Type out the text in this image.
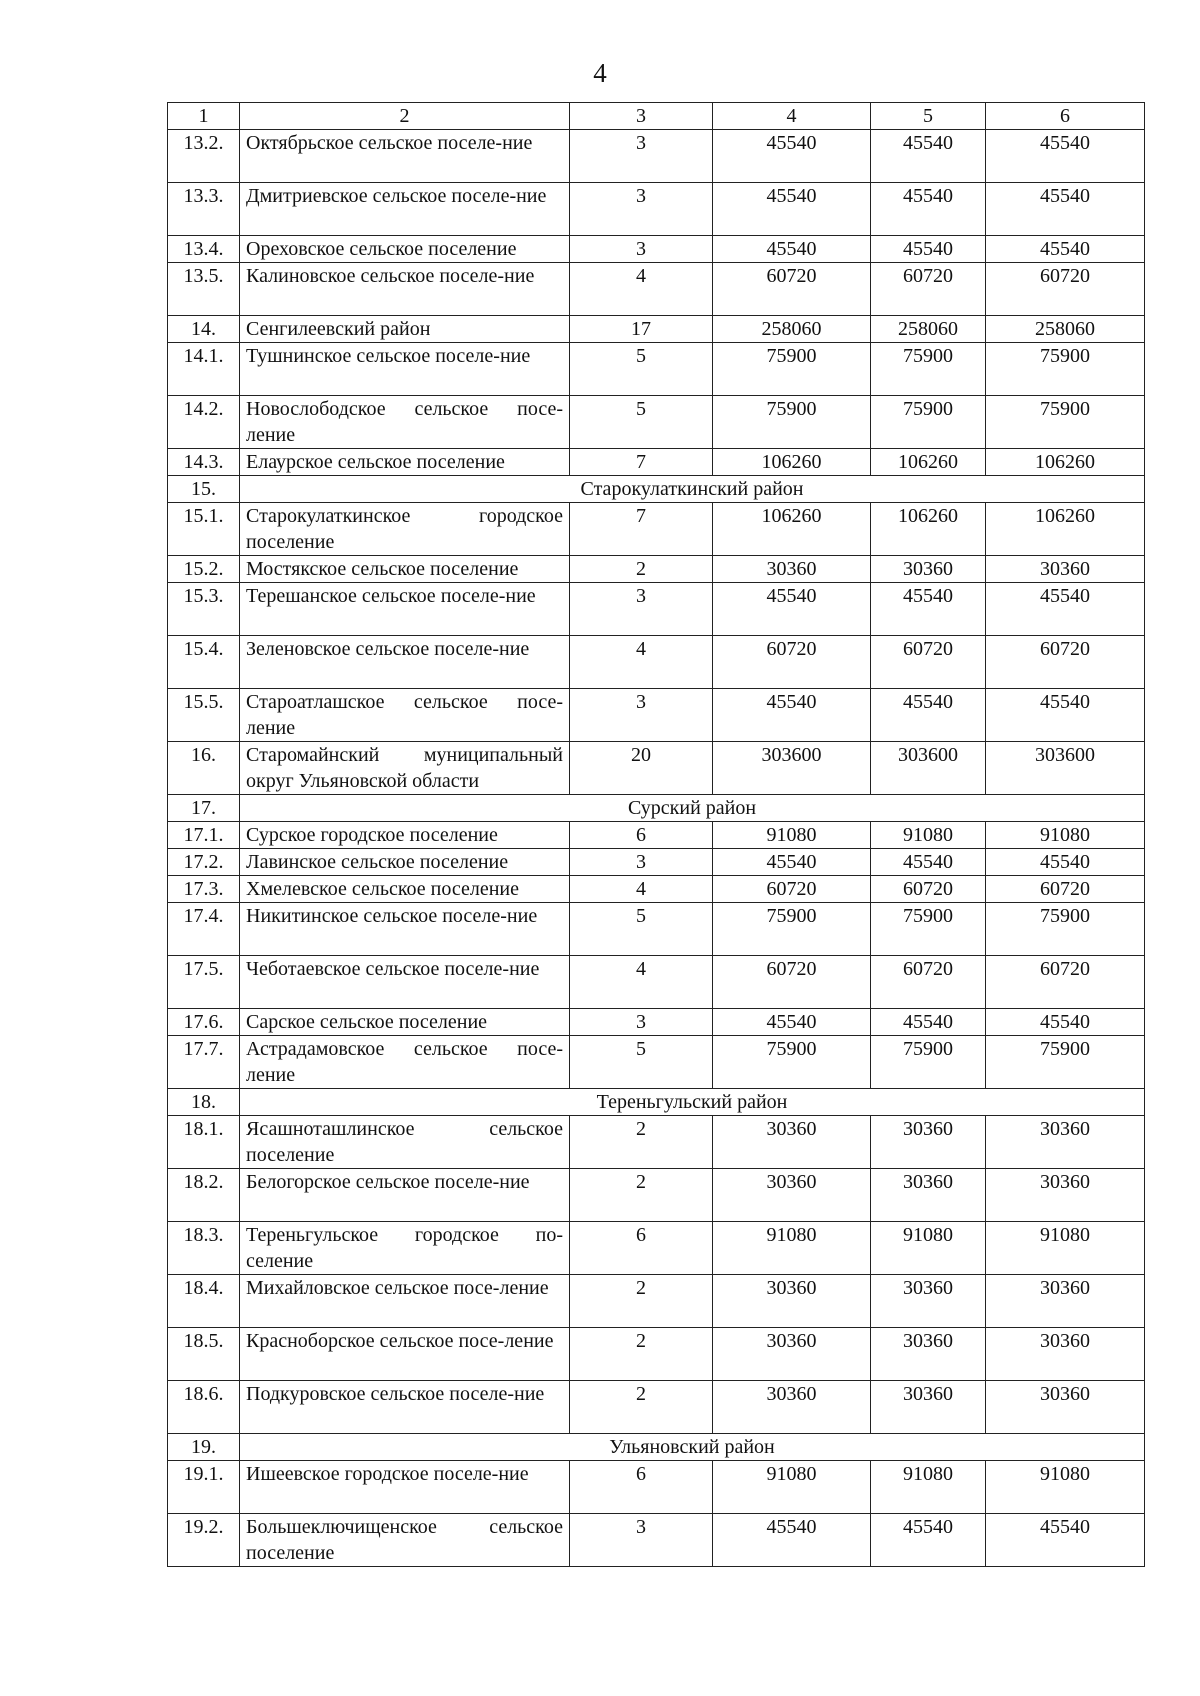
4
1	2	3	4	5	6
13.2.	Октябрьское сельское поселе-ние	3	45540	45540	45540
13.3.	Дмитриевское сельское поселе-ние	3	45540	45540	45540
13.4.	Ореховское сельское поселение	3	45540	45540	45540
13.5.	Калиновское сельское поселе-ние	4	60720	60720	60720
14.	Сенгилеевский район	17	258060	258060	258060
14.1.	Тушнинское сельское поселе-ние	5	75900	75900	75900
14.2.	Новослободское сельское посе-ление	5	75900	75900	75900
14.3.	Елаурское сельское поселение	7	106260	106260	106260
15.	Старокулаткинский район				
15.1.	Старокулаткинское городское поселение	7	106260	106260	106260
15.2.	Мостякское сельское поселение	2	30360	30360	30360
15.3.	Терешанское сельское поселе-ние	3	45540	45540	45540
15.4.	Зеленовское сельское поселе-ние	4	60720	60720	60720
15.5.	Староатлашское сельское посе-ление	3	45540	45540	45540
16.	Старомайнский муниципальный округ Ульяновской области	20	303600	303600	303600
17.	Сурский район				
17.1.	Сурское городское поселение	6	91080	91080	91080
17.2.	Лавинское сельское поселение	3	45540	45540	45540
17.3.	Хмелевское сельское поселение	4	60720	60720	60720
17.4.	Никитинское сельское поселе-ние	5	75900	75900	75900
17.5.	Чеботаевское сельское поселе-ние	4	60720	60720	60720
17.6.	Сарское сельское поселение	3	45540	45540	45540
17.7.	Астрадамовское сельское посе-ление	5	75900	75900	75900
18.	Тереньгульский район				
18.1.	Ясашноташлинское сельское поселение	2	30360	30360	30360
18.2.	Белогорское сельское поселе-ние	2	30360	30360	30360
18.3.	Тереньгульское городское по-селение	6	91080	91080	91080
18.4.	Михайловское сельское посе-ление	2	30360	30360	30360
18.5.	Красноборское сельское посе-ление	2	30360	30360	30360
18.6.	Подкуровское сельское поселе-ние	2	30360	30360	30360
19.	Ульяновский район				
19.1.	Ишеевское городское поселе-ние	6	91080	91080	91080
19.2.	Большеключищенское сельское поселение	3	45540	45540	45540
